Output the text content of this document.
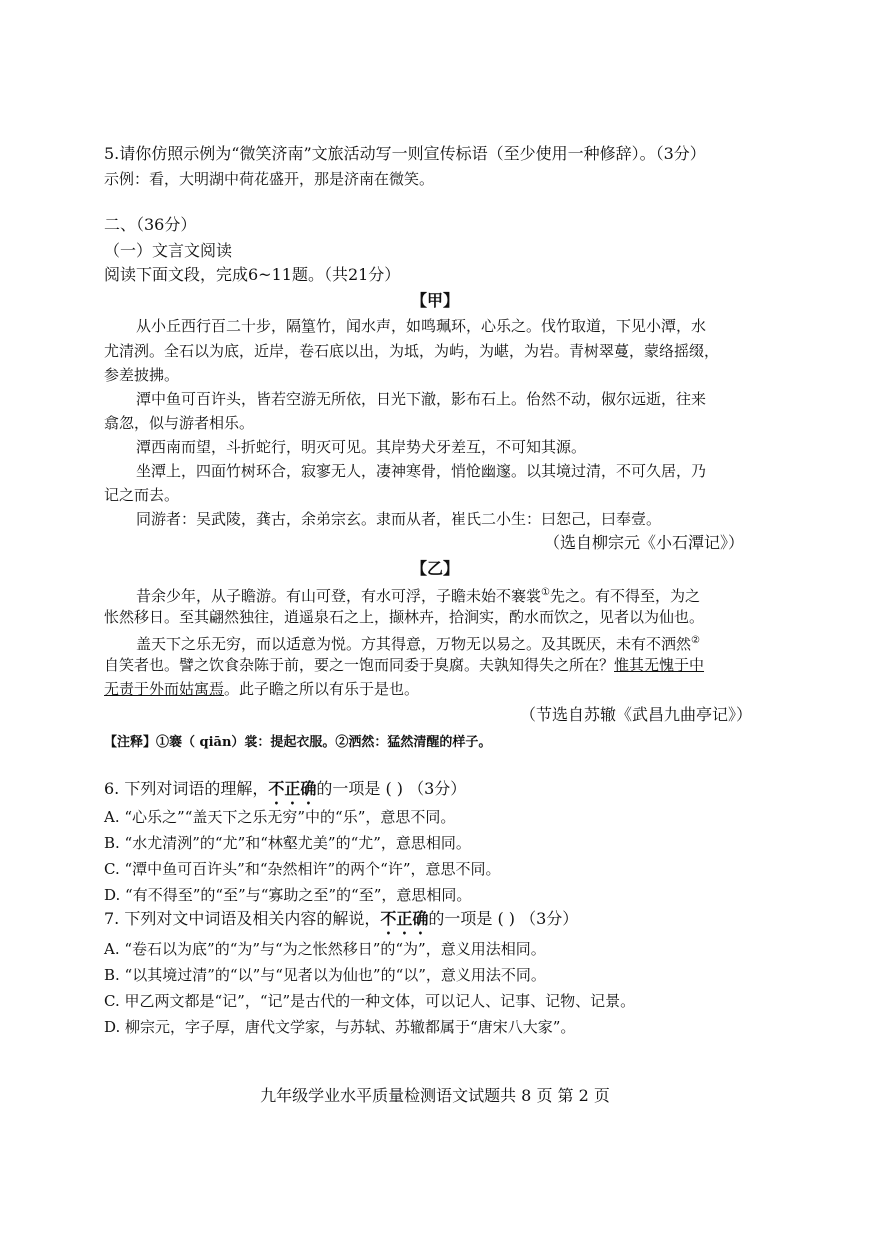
5.请你仿照示例为“微笑济南”文旅活动写一则宣传标语（至少使用一种修辞）。（3分）
示例：看，大明湖中荷花盛开，那是济南在微笑。
二、（36分）
（一）文言文阅读
阅读下面文段，完成6~11题。（共21分）
【甲】
从小丘西行百二十步，隔篁竹，闻水声，如鸣珮环，心乐之。伐竹取道，下见小潭，水
尤清洌。全石以为底，近岸，卷石底以出，为坻，为屿，为嵁，为岩。青树翠蔓，蒙络摇缀，
参差披拂。
潭中鱼可百许头，皆若空游无所依，日光下澈，影布石上。佁然不动，俶尔远逝，往来
翕忽，似与游者相乐。
潭西南而望，斗折蛇行，明灭可见。其岸势犬牙差互，不可知其源。
坐潭上，四面竹树环合，寂寥无人，凄神寒骨，悄怆幽邃。以其境过清，不可久居，乃
记之而去。
同游者：吴武陵，龚古，余弟宗玄。隶而从者，崔氏二小生：曰恕己，曰奉壹。
（选自柳宗元《小石潭记》）
【乙】
昔余少年，从子瞻游。有山可登，有水可浮，子瞻未始不褰裳①先之。有不得至，为之
怅然移日。至其翩然独往，逍遥泉石之上，撷林卉，拾涧实，酌水而饮之，见者以为仙也。
盖天下之乐无穷，而以适意为悦。方其得意，万物无以易之。及其既厌，未有不洒然②
自笑者也。譬之饮食杂陈于前，要之一饱而同委于臭腐。夫孰知得失之所在？惟其无愧于中
无责于外而姑寓焉。此子瞻之所以有乐于是也。
（节选自苏辙《武昌九曲亭记》）
【注释】①褰（ qiān）裳：提起衣服。②洒然：猛然清醒的样子。
6. 下列对词语的理解，不正确的一项是 ( ) （3分）
A. “心乐之”“盖天下之乐无穷”中的“乐”，意思不同。
B. “水尤清洌”的“尤”和“林壑尤美”的“尤”，意思相同。
C. “潭中鱼可百许头”和“杂然相许”的两个“许”，意思不同。
D. “有不得至”的“至”与“寡助之至”的“至”，意思相同。
7. 下列对文中词语及相关内容的解说，不正确的一项是 ( ) （3分）
A. “卷石以为底”的“为”与“为之怅然移日”的“为”，意义用法相同。
B. “以其境过清”的“以”与“见者以为仙也”的“以”，意义用法不同。
C. 甲乙两文都是“记”，“记”是古代的一种文体，可以记人、记事、记物、记景。
D. 柳宗元，字子厚，唐代文学家，与苏轼、苏辙都属于“唐宋八大家”。
九年级学业水平质量检测语文试题共 8 页 第 2 页
